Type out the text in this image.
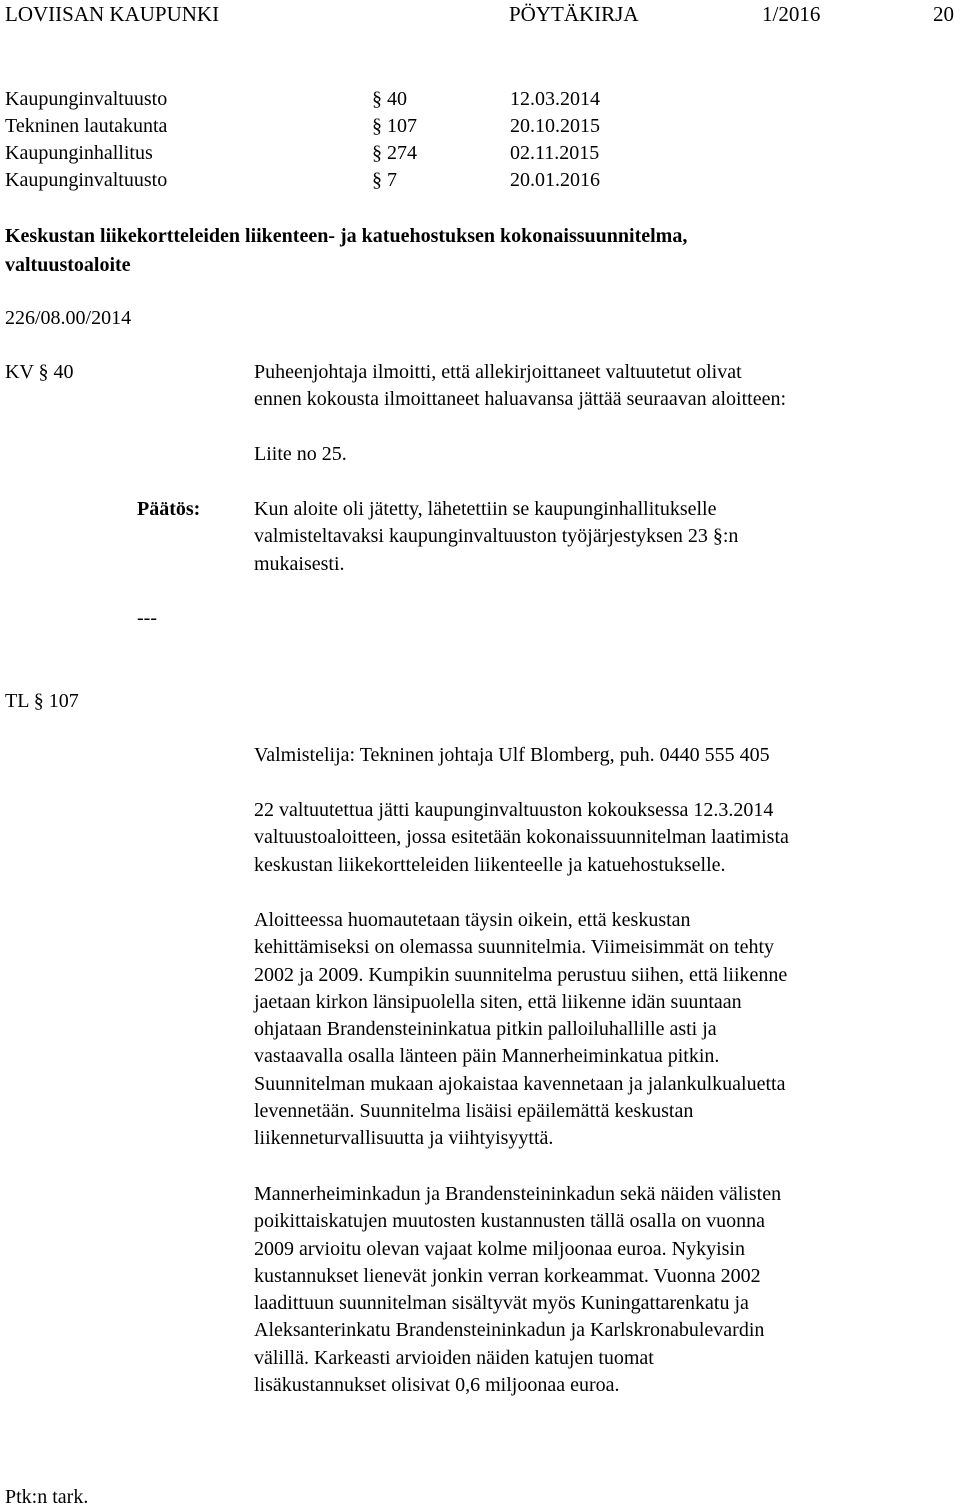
LOVIISAN KAUPUNKI	PÖYTÄKIRJA	1/2016	20
Kaupunginvaltuusto	§ 40	12.03.2014
Tekninen lautakunta	§ 107	20.10.2015
Kaupunginhallitus	§ 274	02.11.2015
Kaupunginvaltuusto	§ 7	20.01.2016
Keskustan liikekortteleiden liikenteen- ja katuehostuksen kokonaissuunnitelma,
valtuustoaloite
226/08.00/2014
KV § 40	Puheenjohtaja ilmoitti, että allekirjoittaneet valtuutetut olivat

ennen kokousta ilmoittaneet haluavansa jättää seuraavan aloitteen:

Liite no 25.
Päätös:	Kun aloite oli jätetty, lähetettiin se kaupunginhallitukselle

valmisteltavaksi kaupunginvaltuuston työjärjestyksen 23 §:n

mukaisesti.

---
TL § 107
Valmistelija: Tekninen johtaja Ulf Blomberg, puh. 0440 555 405

22 valtuutettua jätti kaupunginvaltuuston kokouksessa 12.3.2014

valtuustoaloitteen, jossa esitetään kokonaissuunnitelman laatimista

keskustan liikekortteleiden liikenteelle ja katuehostukselle.

Aloitteessa huomautetaan täysin oikein, että keskustan

kehittämiseksi on olemassa suunnitelmia. Viimeisimmät on tehty

2002 ja 2009. Kumpikin suunnitelma perustuu siihen, että liikenne

jaetaan kirkon länsipuolella siten, että liikenne idän suuntaan

ohjataan Brandensteininkatua pitkin palloiluhallille asti ja

vastaavalla osalla länteen päin Mannerheiminkatua pitkin.

Suunnitelman mukaan ajokaistaa kavennetaan ja jalankulkualuetta

levennetään. Suunnitelma lisäisi epäilemättä keskustan

liikenneturvallisuutta ja viihtyisyyttä.

Mannerheiminkadun ja Brandensteininkadun sekä näiden välisten

poikittaiskatujen muutosten kustannusten tällä osalla on vuonna

2009 arvioitu olevan vajaat kolme miljoonaa euroa. Nykyisin

kustannukset lienevät jonkin verran korkeammat. Vuonna 2002

laadittuun suunnitelman sisältyvät myös Kuningattarenkatu ja

Aleksanterinkatu Brandensteininkadun ja Karlskronabulevardin

välillä. Karkeasti arvioiden näiden katujen tuomat

lisäkustannukset olisivat 0,6 miljoonaa euroa.

Ptk:n tark.
